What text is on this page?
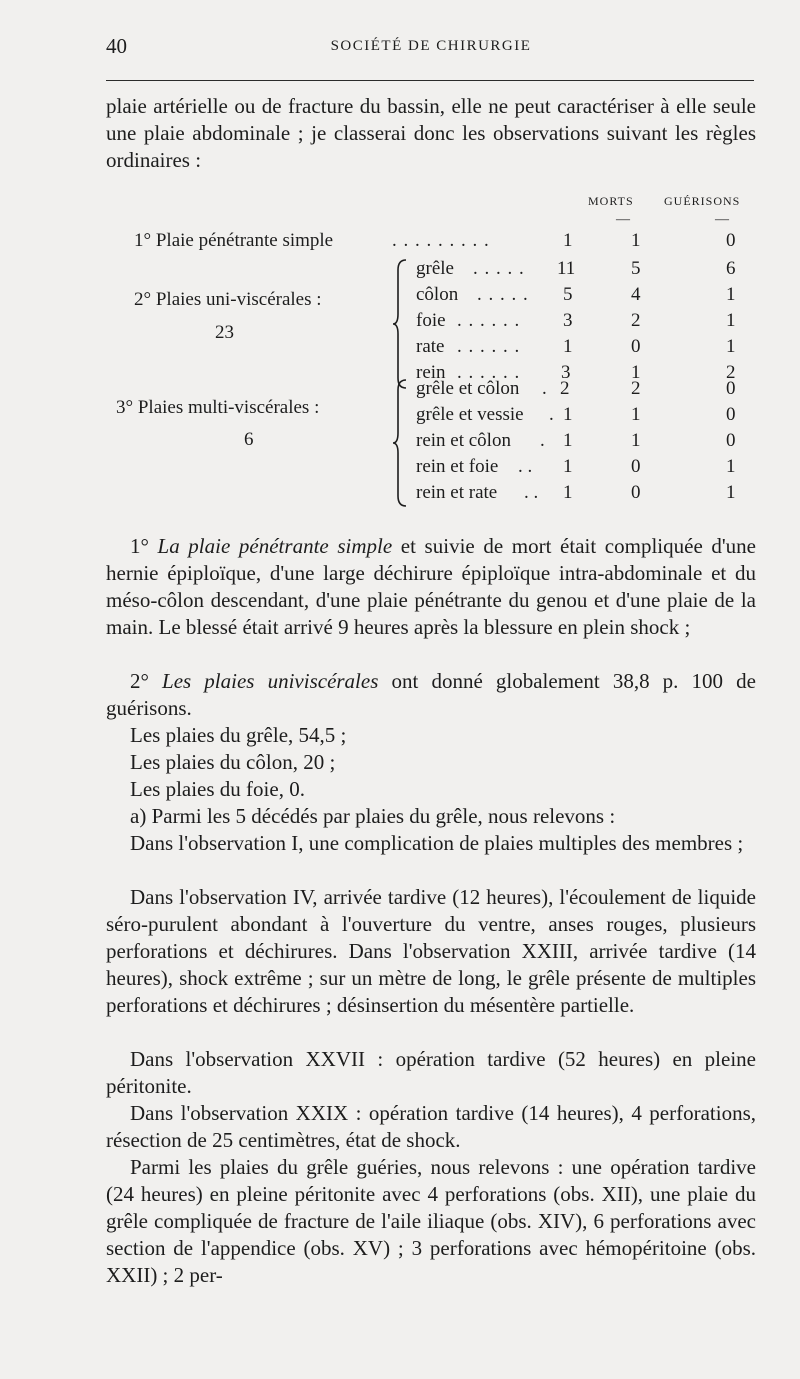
40	SOCIÉTÉ DE CHIRURGIE

plaie artérielle ou de fracture du bassin, elle ne peut caractériser à elle seule une plaie abdominale ; je classerai donc les observations suivant les règles ordinaires :

MORTS	GUÉRISONS
—	—
1° Plaie pénétrante simple	. . . . . . . . .	1	1	0
2° Plaies uni-viscérales :
23
grêle . . . . . 11	5	6
côlon . . . . . 5	4	1
foie . . . . . . 3	2	1
rate . . . . . . 1	0	1
rein . . . . . . 3	1	2
3° Plaies multi-viscérales :
6
grêle et côlon . 2	2	0
grêle et vessie . 1	1	0
rein et côlon . 1	1	0
rein et foie . . 1	0	1
rein et rate . . 1	0	1

1° La plaie pénétrante simple et suivie de mort était compliquée d'une hernie épiploïque, d'une large déchirure épiploïque intra-abdominale et du méso-côlon descendant, d'une plaie pénétrante du genou et d'une plaie de la main. Le blessé était arrivé 9 heures après la blessure en plein shock ;

2° Les plaies univiscérales ont donné globalement 38,8 p. 100 de guérisons.

Les plaies du grêle, 54,5 ;

Les plaies du côlon, 20 ;

Les plaies du foie, 0.

a) Parmi les 5 décédés par plaies du grêle, nous relevons :

Dans l'observation I, une complication de plaies multiples des membres ;

Dans l'observation IV, arrivée tardive (12 heures), l'écoulement de liquide séro-purulent abondant à l'ouverture du ventre, anses rouges, plusieurs perforations et déchirures. Dans l'observation XXIII, arrivée tardive (14 heures), shock extrême ; sur un mètre de long, le grêle présente de multiples perforations et déchirures ; désinsertion du mésentère partielle.

Dans l'observation XXVII : opération tardive (52 heures) en pleine péritonite.

Dans l'observation XXIX : opération tardive (14 heures), 4 perforations, résection de 25 centimètres, état de shock.

Parmi les plaies du grêle guéries, nous relevons : une opération tardive (24 heures) en pleine péritonite avec 4 perforations (obs. XII), une plaie du grêle compliquée de fracture de l'aile iliaque (obs. XIV), 6 perforations avec section de l'appendice (obs. XV) ; 3 perforations avec hémopéritoine (obs. XXII) ; 2 per-
